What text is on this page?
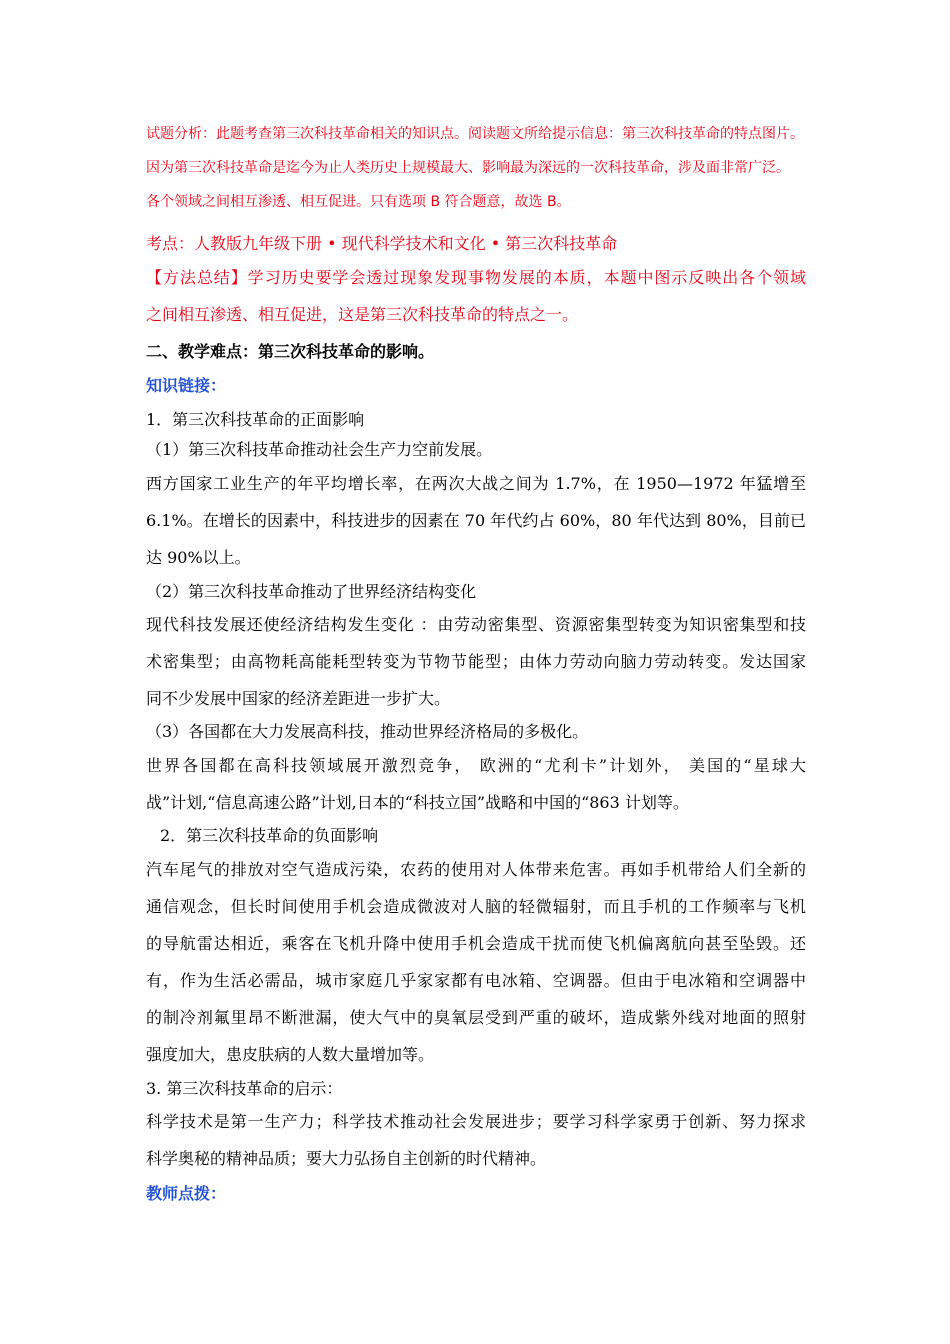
试题分析：此题考查第三次科技革命相关的知识点。阅读题文所给提示信息：第三次科技革命的特点图片。
因为第三次科技革命是迄今为止人类历史上规模最大、影响最为深远的一次科技革命，涉及面非常广泛。
各个领域之间相互渗透、相互促进。只有选项 B 符合题意，故选 B。
考点：人教版九年级下册 • 现代科学技术和文化 • 第三次科技革命
【方法总结】学习历史要学会透过现象发现事物发展的本质，本题中图示反映出各个领域
之间相互渗透、相互促进，这是第三次科技革命的特点之一。
二、教学难点：第三次科技革命的影响。
知识链接：
1．第三次科技革命的正面影响
（1）第三次科技革命推动社会生产力空前发展。
西方国家工业生产的年平均增长率，在两次大战之间为 1.7%，在 1950—1972 年猛增至
6.1%。在增长的因素中，科技进步的因素在 70 年代约占 60%，80 年代达到 80%，目前已
达 90%以上。
（2）第三次科技革命推动了世界经济结构变化
现代科技发展还使经济结构发生变化 ：由劳动密集型、资源密集型转变为知识密集型和技
术密集型；由高物耗高能耗型转变为节物节能型；由体力劳动向脑力劳动转变。发达国家
同不少发展中国家的经济差距进一步扩大。
（3）各国都在大力发展高科技，推动世界经济格局的多极化。
世界各国都在高科技领域展开激烈竞争， 欧洲的“尤利卡”计划外， 美国的“星球大
战”计划,“信息高速公路”计划,日本的“科技立国”战略和中国的“863 计划等。
2．第三次科技革命的负面影响
汽车尾气的排放对空气造成污染，农药的使用对人体带来危害。再如手机带给人们全新的
通信观念，但长时间使用手机会造成微波对人脑的轻微辐射，而且手机的工作频率与飞机
的导航雷达相近，乘客在飞机升降中使用手机会造成干扰而使飞机偏离航向甚至坠毁。还
有，作为生活必需品，城市家庭几乎家家都有电冰箱、空调器。但由于电冰箱和空调器中
的制冷剂氟里昂不断泄漏，使大气中的臭氧层受到严重的破坏，造成紫外线对地面的照射
强度加大，患皮肤病的人数大量增加等。
3. 第三次科技革命的启示：
科学技术是第一生产力；科学技术推动社会发展进步；要学习科学家勇于创新、努力探求
科学奥秘的精神品质；要大力弘扬自主创新的时代精神。
教师点拨：
